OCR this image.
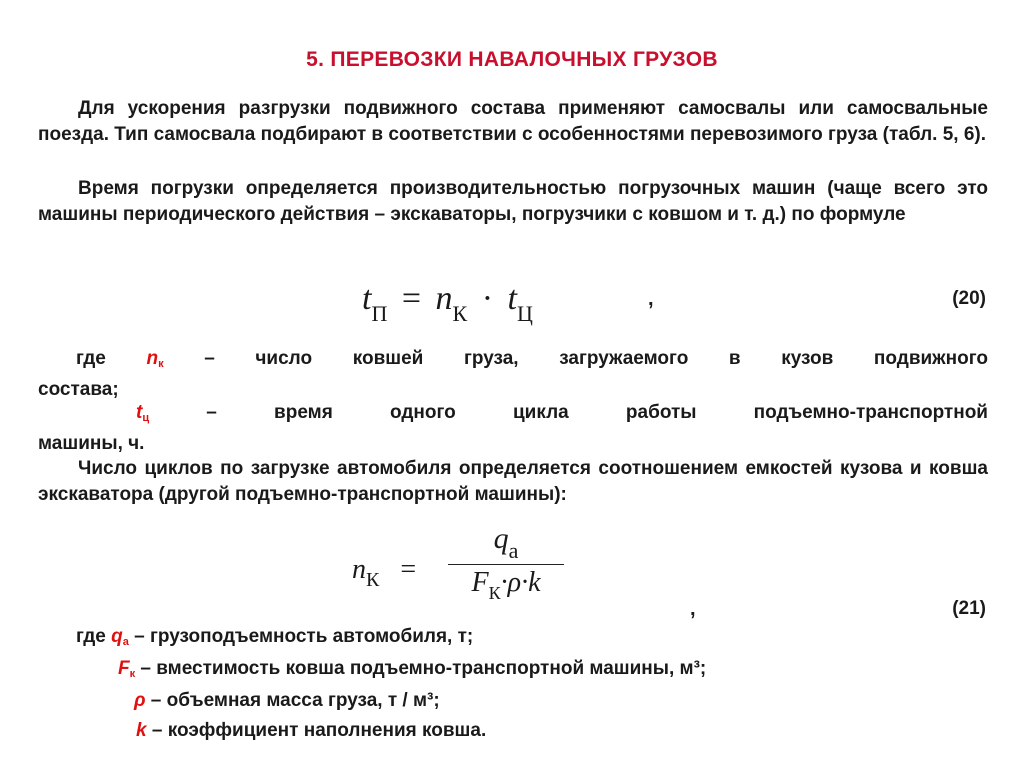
5. ПЕРЕВОЗКИ НАВАЛОЧНЫХ ГРУЗОВ
Для ускорения разгрузки подвижного состава применяют самосвалы или самосвальные поезда. Тип самосвала подбирают в соответствии с особенностями перевозимого груза (табл. 5, 6).
Время погрузки определяется производительностью погрузочных машин (чаще всего это машины периодического действия – экскаваторы, погрузчики с ковшом и т. д.) по формуле
$t_П = n_К \cdot t_Ц$
,	(20)
где $n_к$ – число ковшей груза, загружаемого в кузов подвижного
состава;
$t_ц$ – время одного цикла работы подъемно-транспортной
машины, ч.
Число циклов по загрузке автомобиля определяется соотношением емкостей кузова и ковша экскаватора (другой подъемно-транспортной машины):
$n_К$ =
$q_а$
$F_К\cdot\rho\cdot k$
,	(21)
где $q_а$ – грузоподъемность автомобиля, т;
$F_к$ – вместимость ковша подъемно-транспортной машины, м³;
ρ – объемная масса груза, т / м³;
k – коэффициент наполнения ковша.
